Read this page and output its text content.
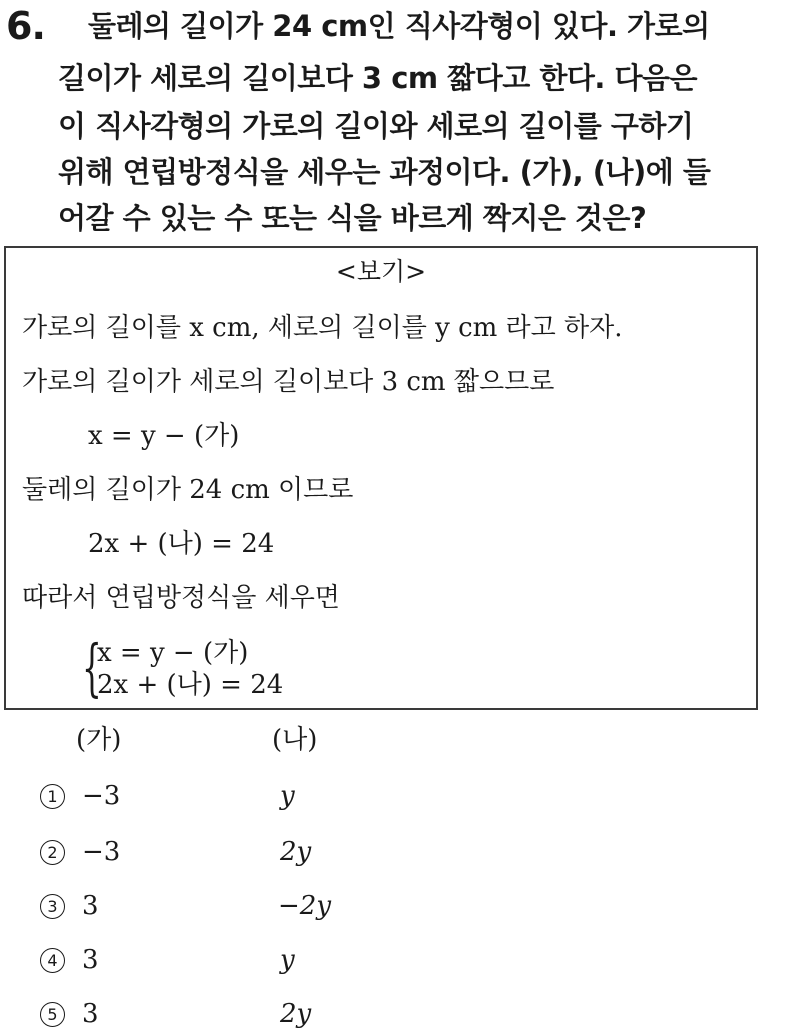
6. 둘레의 길이가 24 cm인 직사각형이 있다. 가로의
길이가 세로의 길이보다 3 cm 짧다고 한다. 다음은
이 직사각형의 가로의 길이와 세로의 길이를 구하기
위해 연립방정식을 세우는 과정이다. (가), (나)에 들
어갈 수 있는 수 또는 식을 바르게 짝지은 것은?
<보기>
가로의 길이를 x cm, 세로의 길이를 y cm 라고 하자.
가로의 길이가 세로의 길이보다 3 cm 짧으므로
x = y − (가)
둘레의 길이가 24 cm 이므로
2x + (나) = 24
따라서 연립방정식을 세우면
{
x = y − (가)
2x + (나) = 24
(가)	(나)
1 −3	y
2 −3	2y
3 3	−2y
4 3	y
5 3	2y
